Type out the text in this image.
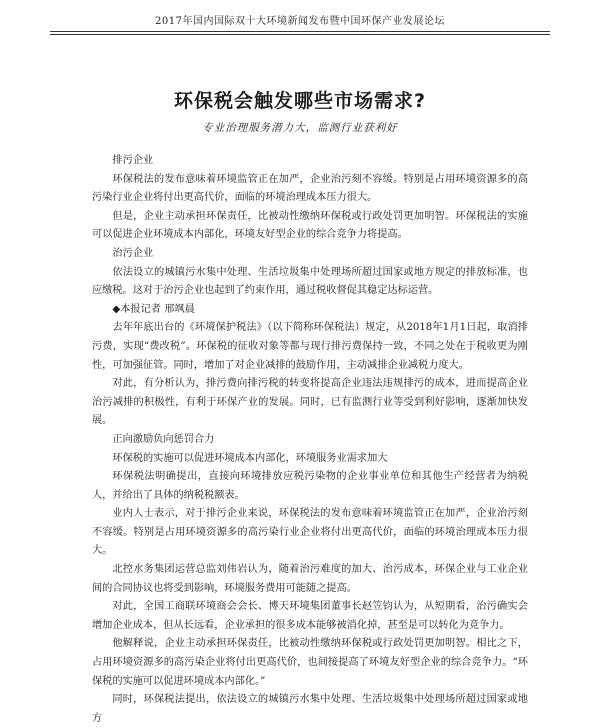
2017年国内国际双十大环境新闻发布暨中国环保产业发展论坛
环保税会触发哪些市场需求?
专业治理服务潜力大，监测行业获利好

排污企业

环保税法的发布意味着环境监管正在加严，企业治污刻不容缓。特别是占用环境资源多的高污染行业企业将付出更高代价，面临的环境治理成本压力很大。

但是，企业主动承担环保责任，比被动性缴纳环保税或行政处罚更加明智。环保税法的实施可以促进企业环境成本内部化，环境友好型企业的综合竞争力将提高。

治污企业

依法设立的城镇污水集中处理、生活垃圾集中处理场所超过国家或地方规定的排放标准，也应缴税。这对于治污企业也起到了约束作用，通过税收督促其稳定达标运营。

◆本报记者 邢飒晨

去年年底出台的《环境保护税法》（以下简称环保税法）规定，从2018年1月1日起，取消排污费，实现“费改税”。环保税的征收对象等都与现行排污费保持一致，不同之处在于税收更为刚性，可加强征管。同时，增加了对企业减排的鼓励作用，主动减排企业减税力度大。

对此，有分析认为，排污费向排污税的转变将提高企业违法违规排污的成本，进而提高企业治污减排的积极性，有利于环保产业的发展。同时，已有监测行业等受到利好影响，逐渐加快发展。

正向激励负向惩罚合力

环保税的实施可以促进环境成本内部化，环境服务业需求加大

环保税法明确提出，直接向环境排放应税污染物的企业事业单位和其他生产经营者为纳税人，并给出了具体的纳税税额表。

业内人士表示，对于排污企业来说，环保税法的发布意味着环境监管正在加严，企业治污刻不容缓。特别是占用环境资源多的高污染行业企业将付出更高代价，面临的环境治理成本压力很大。

北控水务集团运营总监刘伟岩认为，随着治污难度的加大、治污成本，环保企业与工业企业间的合同协议也将受到影响，环境服务费用可能随之提高。

对此，全国工商联环境商会会长、博天环境集团董事长赵笠钧认为，从短期看，治污确实会增加企业成本，但从长远看，企业承担的很多成本能够被消化掉，甚至是可以转化为竞争力。

他解释说，企业主动承担环保责任，比被动性缴纳环保税或行政处罚更加明智。相比之下，占用环境资源多的高污染企业将付出更高代价，也间接提高了环境友好型企业的综合竞争力。“环保税的实施可以促进环境成本内部化。”

同时，环保税法提出，依法设立的城镇污水集中处理、生活垃圾集中处理场所超过国家或地方
